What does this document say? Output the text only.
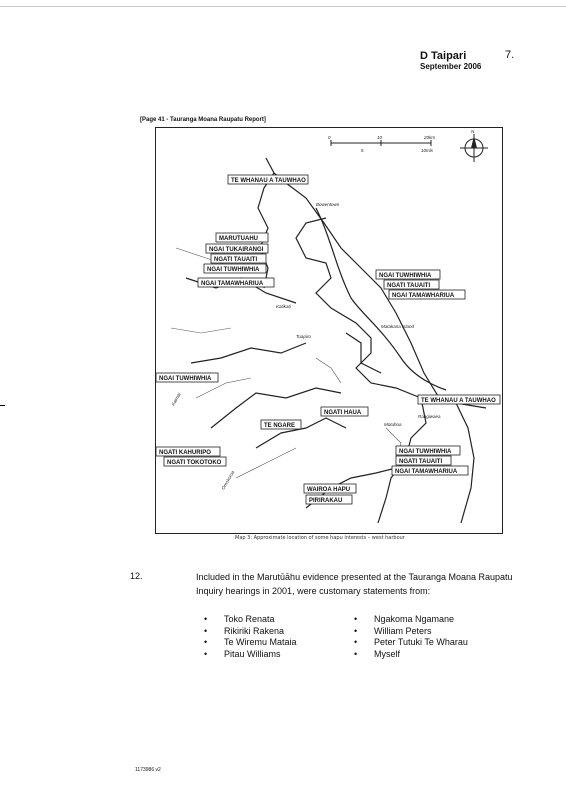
D Taipari	7.
September 2006
[Page 41 - Tauranga Moana Raupatu Report]
0	10	20km
5	10mls
N
Bowentown
Matakana Island
Motuhoa
Rangiwaea
Katikati
Tuapiro
Kaimai
Omokoroa
TE WHANAU A TAUWHAO
MARUTUAHU
NGAI TUKAIRANGI
NGATI TAUAITI
NGAI TUWHIWHIA
NGAI TAMAWHARIUA
NGAI TUWHIWHIA
NGATI TAUAITI
NGAI TAMAWHARIUA
NGAI TUWHIWHIA
NGATI HAUA
TE NGARE
TE WHANAU A TAUWHAO
NGATI KAHURIPO
NGATI TOKOTOKO
NGAI TUWHIWHIA
NGATI TAUAITI
NGAI TAMAWHARIUA
WAIROA HAPU
PIRIRAKAU
Map 3: Approximate location of some hapu interests – west harbour
12.	Included in the Marutūāhu evidence presented at the Tauranga Moana Raupatu Inquiry hearings in 2001, were customary statements from:
• Toko Renata
• Rikiriki Rakena
• Te Wiremu Mataia
• Pitau Williams
• Ngakoma Ngamane
• William Peters
• Peter Tutuki Te Wharau
• Myself
1173986 v2
